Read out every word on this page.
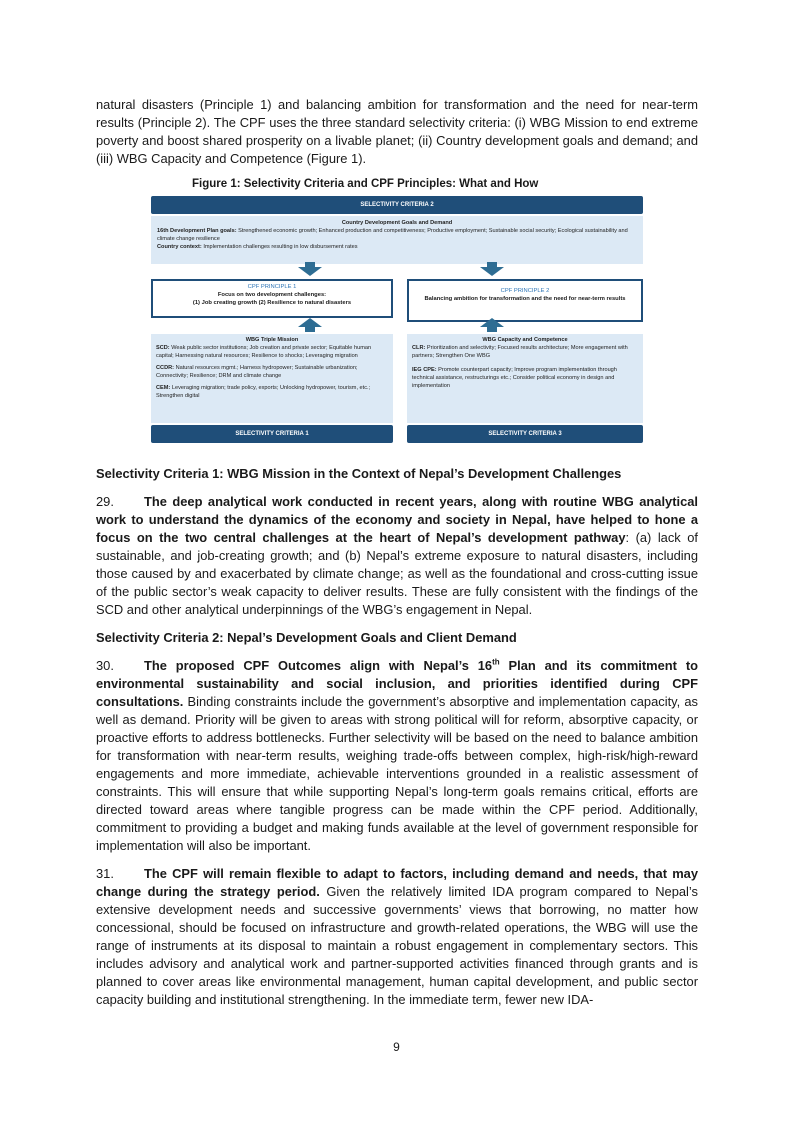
natural disasters (Principle 1) and balancing ambition for transformation and the need for near-term results (Principle 2). The CPF uses the three standard selectivity criteria: (i) WBG Mission to end extreme poverty and boost shared prosperity on a livable planet; (ii) Country development goals and demand; and (iii) WBG Capacity and Competence (Figure 1).

Figure 1: Selectivity Criteria and CPF Principles: What and How
SELECTIVITY CRITERIA 2
Country Development Goals and Demand
16th Development Plan goals: Strengthened economic growth; Enhanced production and competitiveness; Productive employment; Sustainable social security; Ecological sustainability and climate change resilience
Country context: Implementation challenges resulting in low disbursement rates
CPF PRINCIPLE 1
Focus on two development challenges:
(1) Job creating growth (2) Resilience to natural disasters
CPF PRINCIPLE 2
Balancing ambition for transformation and the need for near-term results
WBG Triple Mission
SCD: Weak public sector institutions; Job creation and private sector; Equitable human capital; Harnessing natural resources; Resilience to shocks; Leveraging migration
CCDR: Natural resources mgmt.; Harness hydropower; Sustainable urbanization; Connectivity; Resilience; DRM and climate change
CEM: Leveraging migration; trade policy, exports; Unlocking hydropower, tourism, etc.; Strengthen digital
WBG Capacity and Competence
CLR: Prioritization and selectivity; Focused results architecture; More engagement with partners; Strengthen One WBG
IEG CPE: Promote counterpart capacity; Improve program implementation through technical assistance, restructurings etc.; Consider political economy in design and implementation
SELECTIVITY CRITERIA 1	SELECTIVITY CRITERIA 3
Selectivity Criteria 1: WBG Mission in the Context of Nepal’s Development Challenges

29. The deep analytical work conducted in recent years, along with routine WBG analytical work to understand the dynamics of the economy and society in Nepal, have helped to hone a focus on the two central challenges at the heart of Nepal’s development pathway: (a) lack of sustainable, and job-creating growth; and (b) Nepal’s extreme exposure to natural disasters, including those caused by and exacerbated by climate change; as well as the foundational and cross-cutting issue of the public sector’s weak capacity to deliver results. These are fully consistent with the findings of the SCD and other analytical underpinnings of the WBG’s engagement in Nepal.

Selectivity Criteria 2: Nepal’s Development Goals and Client Demand

30. The proposed CPF Outcomes align with Nepal’s 16th Plan and its commitment to environmental sustainability and social inclusion, and priorities identified during CPF consultations. Binding constraints include the government’s absorptive and implementation capacity, as well as demand. Priority will be given to areas with strong political will for reform, absorptive capacity, or proactive efforts to address bottlenecks. Further selectivity will be based on the need to balance ambition for transformation with near-term results, weighing trade-offs between complex, high-risk/high-reward engagements and more immediate, achievable interventions grounded in a realistic assessment of constraints. This will ensure that while supporting Nepal’s long-term goals remains critical, efforts are directed toward areas where tangible progress can be made within the CPF period. Additionally, commitment to providing a budget and making funds available at the level of government responsible for implementation will also be important.

31. The CPF will remain flexible to adapt to factors, including demand and needs, that may change during the strategy period. Given the relatively limited IDA program compared to Nepal’s extensive development needs and successive governments’ views that borrowing, no matter how concessional, should be focused on infrastructure and growth-related operations, the WBG will use the range of instruments at its disposal to maintain a robust engagement in complementary sectors. This includes advisory and analytical work and partner-supported activities financed through grants and is planned to cover areas like environmental management, human capital development, and public sector capacity building and institutional strengthening. In the immediate term, fewer new IDA-

9
